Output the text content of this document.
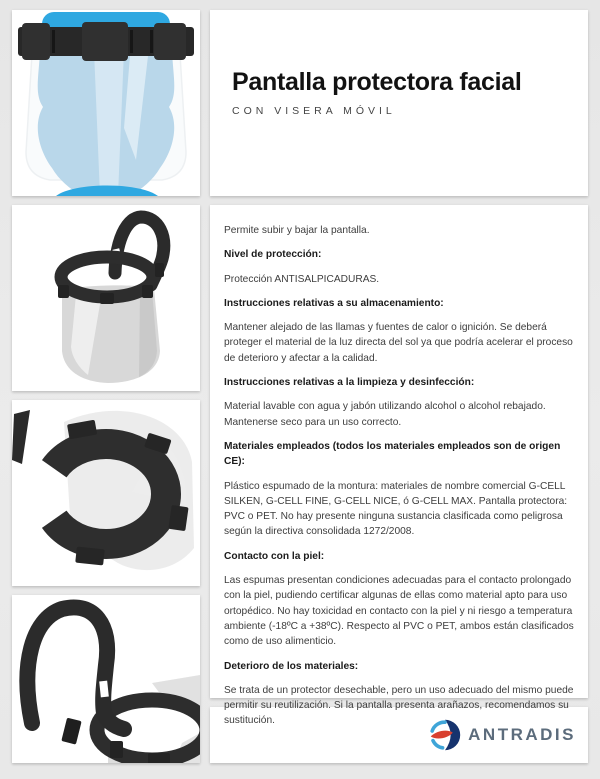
Pantalla protectora facial
CON VISERA MÓVIL

Permite subir y bajar la pantalla.

Nivel de protección:

Protección ANTISALPICADURAS.

Instrucciones relativas a su almacenamiento:

Mantener alejado de las llamas y fuentes de calor o ignición. Se deberá proteger el material de la luz directa del sol ya que podría acelerar el proceso de deterioro y afectar a la calidad.

Instrucciones relativas a la limpieza y desinfección:

Material lavable con agua y jabón utilizando alcohol o alcohol rebajado. Mantenerse seco para un uso correcto.

Materiales empleados (todos los materiales empleados son de origen CE):

Plástico espumado de la montura: materiales de nombre comercial G-CELL SILKEN, G-CELL FINE, G-CELL NICE, ó G-CELL MAX. Pantalla protectora: PVC o PET. No hay presente ninguna sustancia clasificada como peligrosa según la directiva consolidada 1272/2008.

Contacto con la piel:

Las espumas presentan condiciones adecuadas para el contacto prolongado con la piel, pudiendo certificar algunas de ellas como material apto para uso ortopédico. No hay toxicidad en contacto con la piel y ni riesgo a temperatura ambiente (-18ºC a +38ºC). Respecto al PVC o PET, ambos están clasificados como de uso alimenticio.

Deterioro de los materiales:

Se trata de un protector desechable, pero un uso adecuado del mismo puede permitir su reutilización. Si la pantalla presenta arañazos, recomendamos su sustitución.

ANTRADIS
